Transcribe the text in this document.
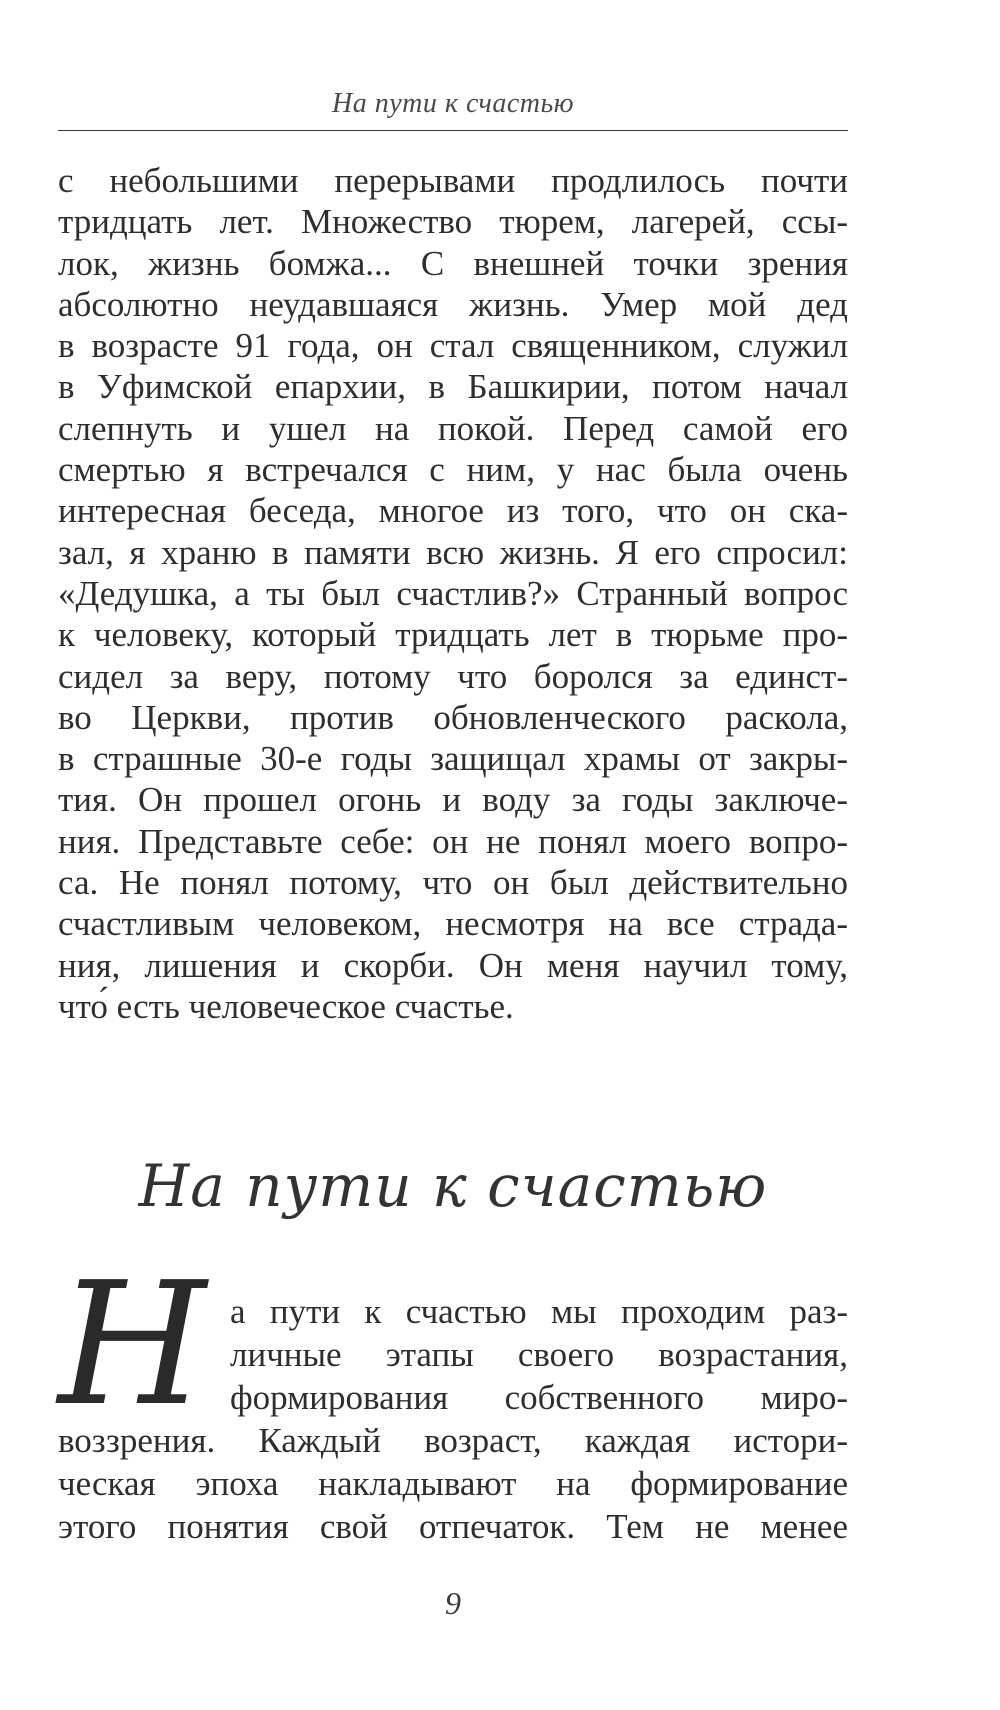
На пути к счастью
с небольшими перерывами продлилось почти
тридцать лет. Множество тюрем, лагерей, ссы-
лок, жизнь бомжа... С внешней точки зрения
абсолютно неудавшаяся жизнь. Умер мой дед
в возрасте 91 года, он стал священником, служил
в Уфимской епархии, в Башкирии, потом начал
слепнуть и ушел на покой. Перед самой его
смертью я встречался с ним, у нас была очень
интересная беседа, многое из того, что он ска-
зал, я храню в памяти всю жизнь. Я его спросил:
«Дедушка, а ты был счастлив?» Странный вопрос
к человеку, который тридцать лет в тюрьме про-
сидел за веру, потому что боролся за единст-
во Церкви, против обновленческого раскола,
в страшные 30-е годы защищал храмы от закры-
тия. Он прошел огонь и воду за годы заключе-
ния. Представьте себе: он не понял моего вопро-
са. Не понял потому, что он был действительно
счастливым человеком, несмотря на все страда-
ния, лишения и скорби. Он меня научил тому,
что́ есть человеческое счастье.
На пути к счастью
Н а пути к счастью мы проходим раз-
личные этапы своего возрастания,
формирования собственного миро-
воззрения. Каждый возраст, каждая истори-
ческая эпоха накладывают на формирование
этого понятия свой отпечаток. Тем не менее
9
